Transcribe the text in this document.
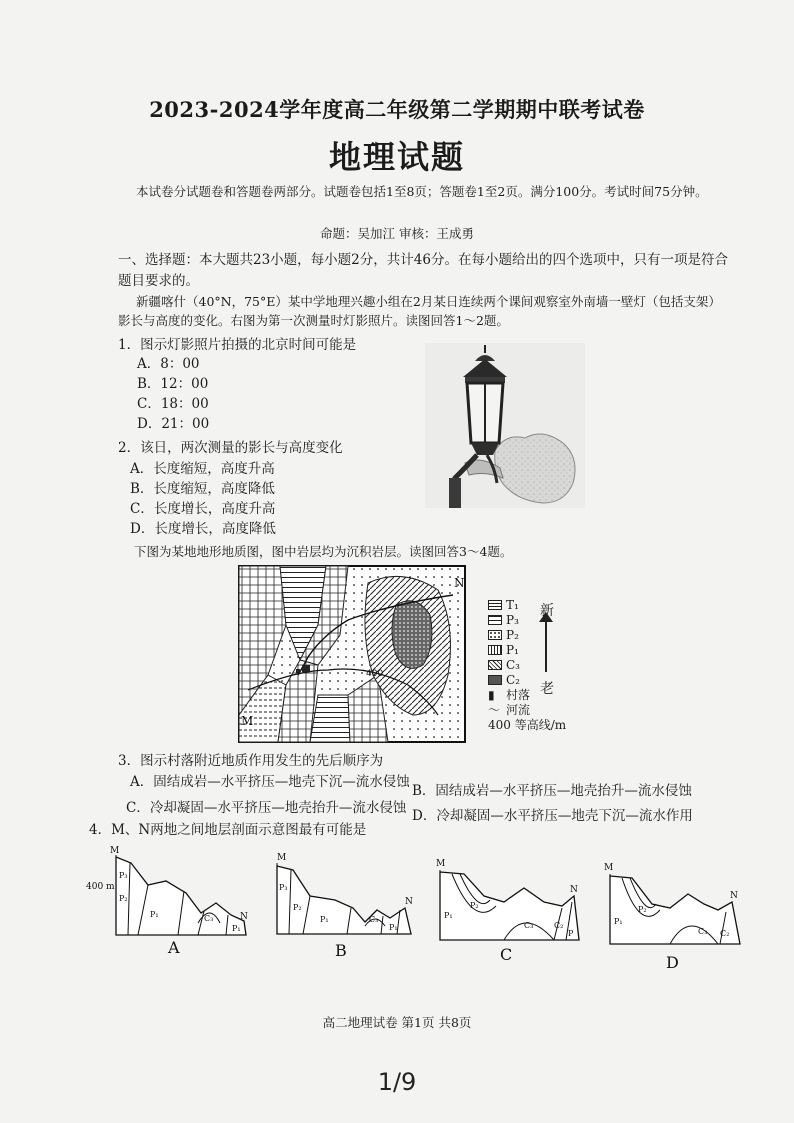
2023-2024学年度高二年级第二学期期中联考试卷
地理试题
本试卷分试题卷和答题卷两部分。试题卷包括1至8页；答题卷1至2页。满分100分。考试时间75分钟。
命题：吴加江 审核：王成勇
一、选择题：本大题共23小题，每小题2分，共计46分。在每小题给出的四个选项中，只有一项是符合题目要求的。
新疆喀什（40°N，75°E）某中学地理兴趣小组在2月某日连续两个课间观察室外南墙一壁灯（包括支架）影长与高度的变化。右图为第一次测量时灯影照片。读图回答1～2题。
1．图示灯影照片拍摄的北京时间可能是
A．8：00
B．12：00
C．18：00
D．21：00
2．该日，两次测量的影长与高度变化
A．长度缩短，高度升高
B．长度缩短，高度降低
C．长度增长，高度升高
D．长度增长，高度降低
下图为某地地形地质图，图中岩层均为沉积岩层。读图回答3～4题。
400
N
M
T₁
P₃
P₂
P₁
C₃
C₂
▮ 村落
〜 河流
400 等高线/m
新
老
3．图示村落附近地质作用发生的先后顺序为
A．固结成岩—水平挤压—地壳下沉—流水侵蚀
B．固结成岩—水平挤压—地壳抬升—流水侵蚀
C．冷却凝固—水平挤压—地壳抬升—流水侵蚀 D．冷却凝固—水平挤压—地壳下沉—流水作用
4．M、N两地之间地层剖面示意图最有可能是
M
400 m
P₃
P₂
P₁	C₃
P₁
N
A
M
P₃
P₂
P₁	C₃
P₁
N
B
M
P₁
P₂
C₃	C₂
P
N
C
M
P₁
P₂
C₃ C₂
N
D
高二地理试卷 第1页 共8页
1/9
